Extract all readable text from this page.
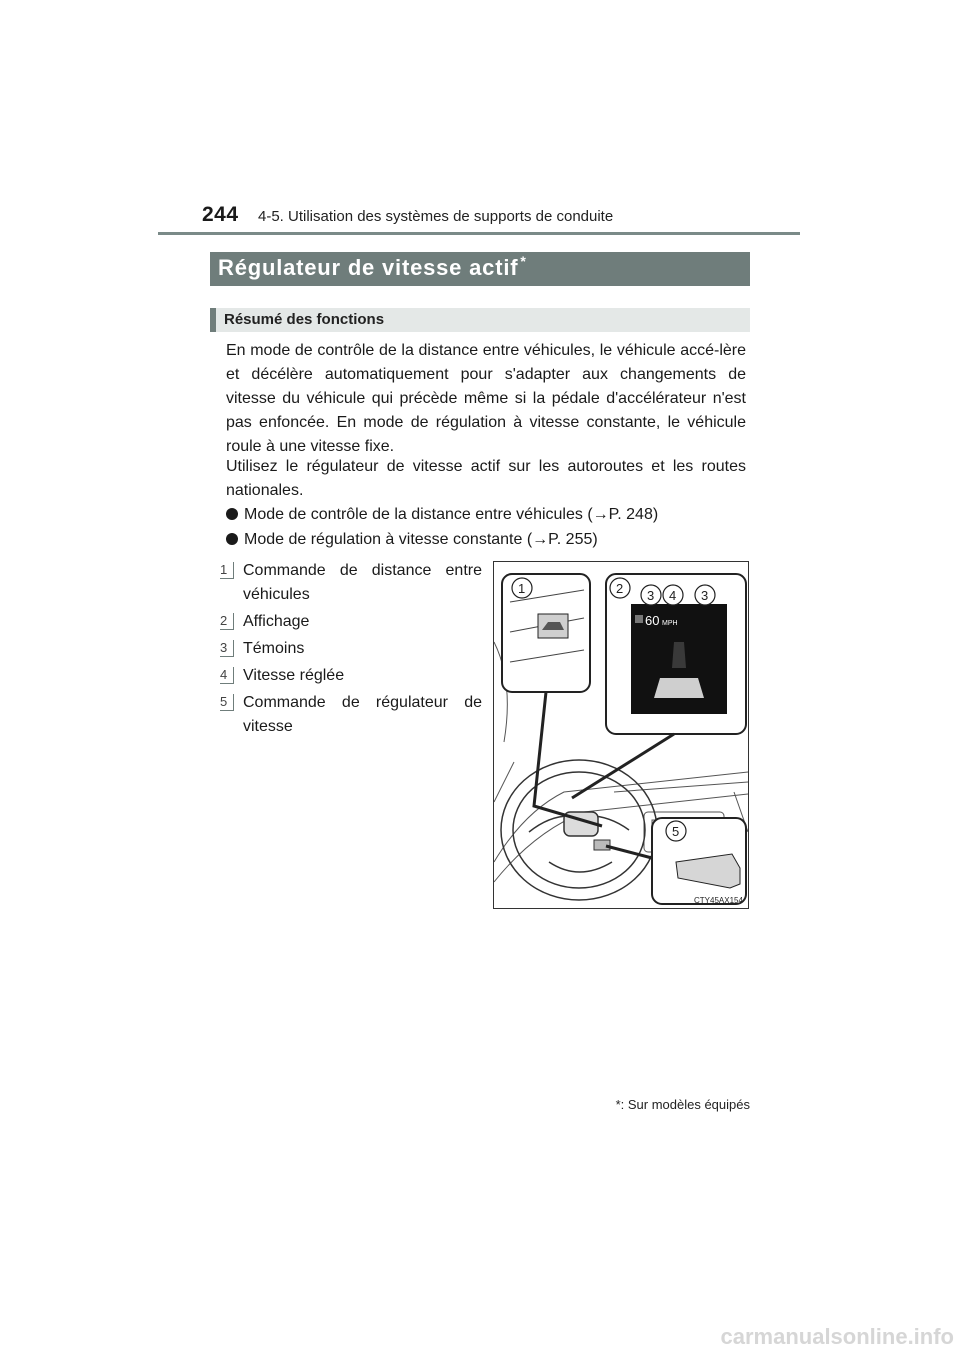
244 4-5. Utilisation des systèmes de supports de conduite
Régulateur de vitesse actif *
Résumé des fonctions
En mode de contrôle de la distance entre véhicules, le véhicule accé-lère et décélère automatiquement pour s'adapter aux changements de vitesse du véhicule qui précède même si la pédale d'accélérateur n'est pas enfoncée. En mode de régulation à vitesse constante, le véhicule roule à une vitesse fixe.
Utilisez le régulateur de vitesse actif sur les autoroutes et les routes nationales.
Mode de contrôle de la distance entre véhicules (→P. 248)
Mode de régulation à vitesse constante (→P. 255)
1 Commande de distance entre véhicules
2 Affichage
3 Témoins
4 Vitesse réglée
5 Commande de régulateur de vitesse
60 MPH
1	2 3 4 3
5
CTY45AX154
*: Sur modèles équipés
carmanualsonline.info
